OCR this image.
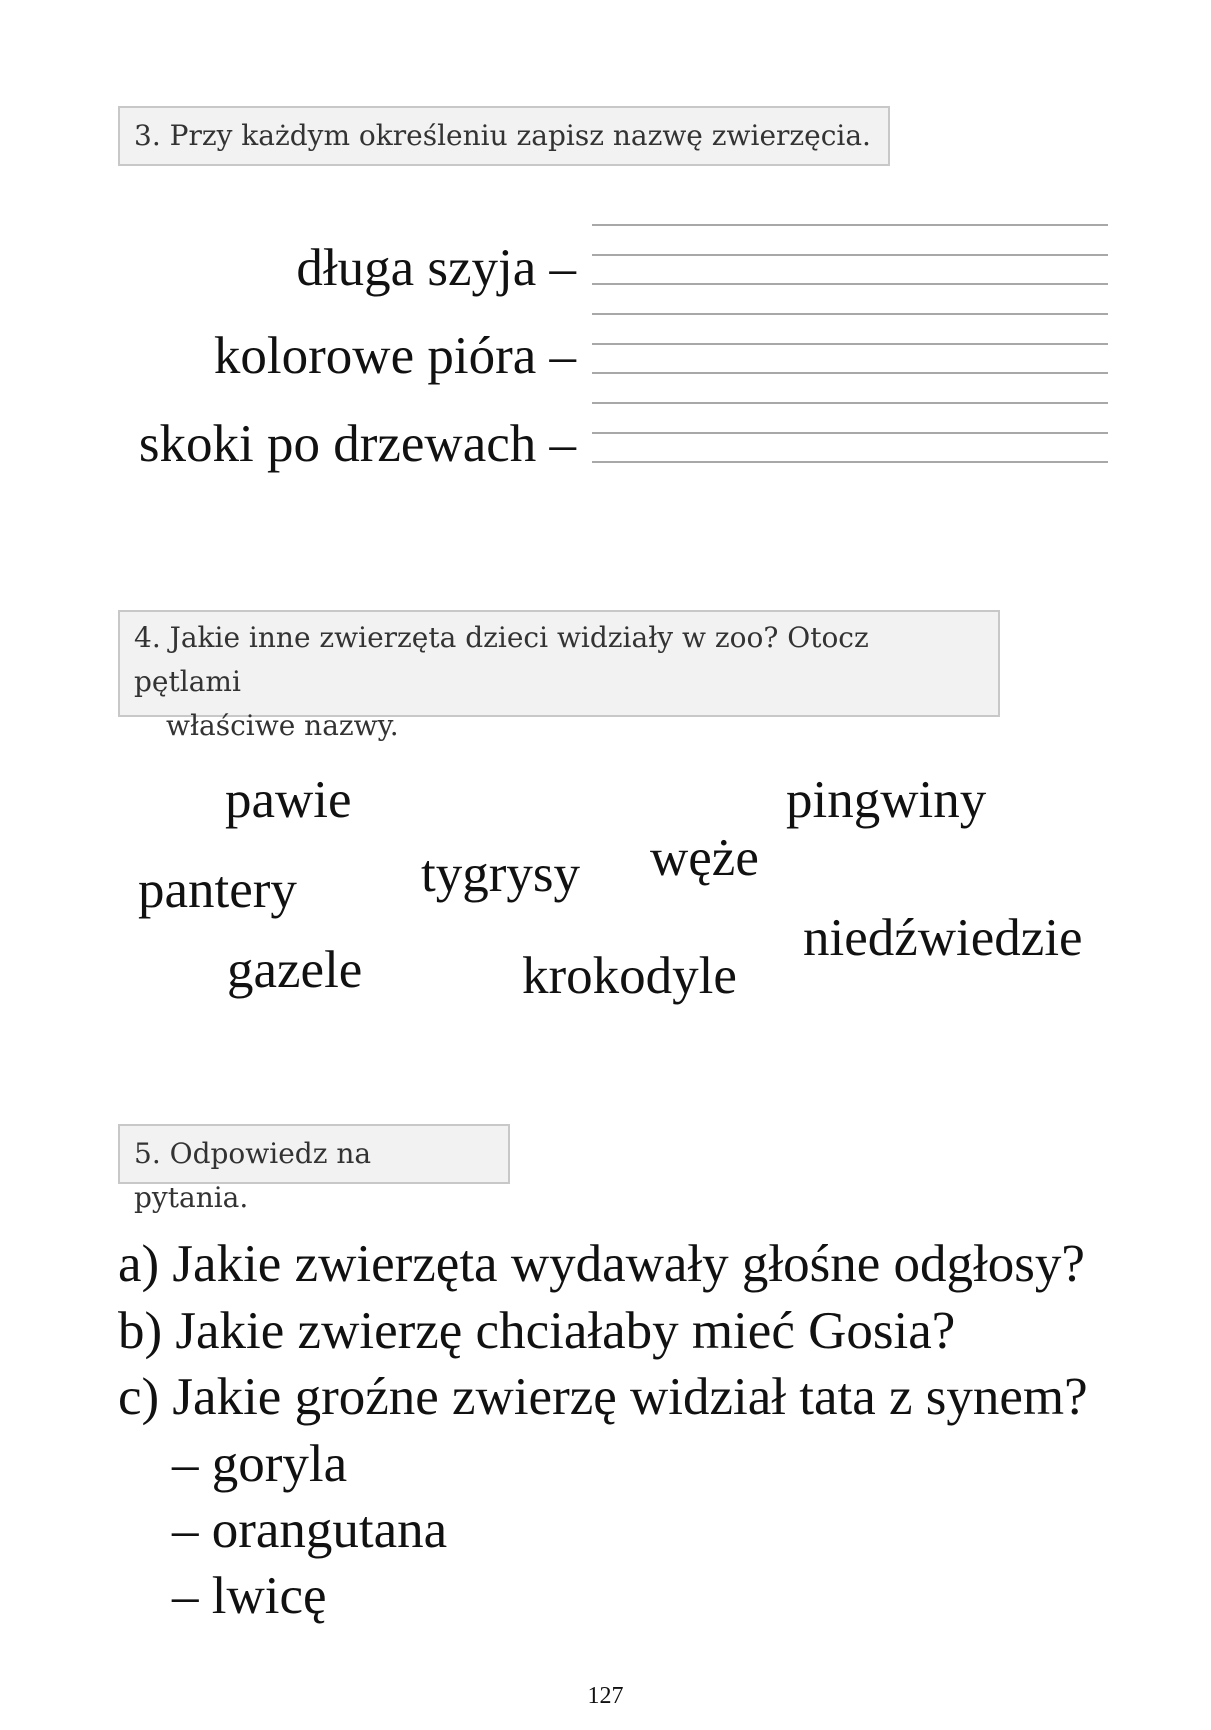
3. Przy każdym określeniu zapisz nazwę zwierzęcia.
długa szyja –
kolorowe pióra –
skoki po drzewach –
4. Jakie inne zwierzęta dzieci widziały w zoo? Otocz pętlami
właściwe nazwy.
pawie	pingwiny
węże
pantery tygrysy
niedźwiedzie
gazele	krokodyle
5. Odpowiedz na pytania.
a) Jakie zwierzęta wydawały głośne odgłosy?
b) Jakie zwierzę chciałaby mieć Gosia?
c) Jakie groźne zwierzę widział tata z synem?
– goryla
– orangutana
– lwicę
127
